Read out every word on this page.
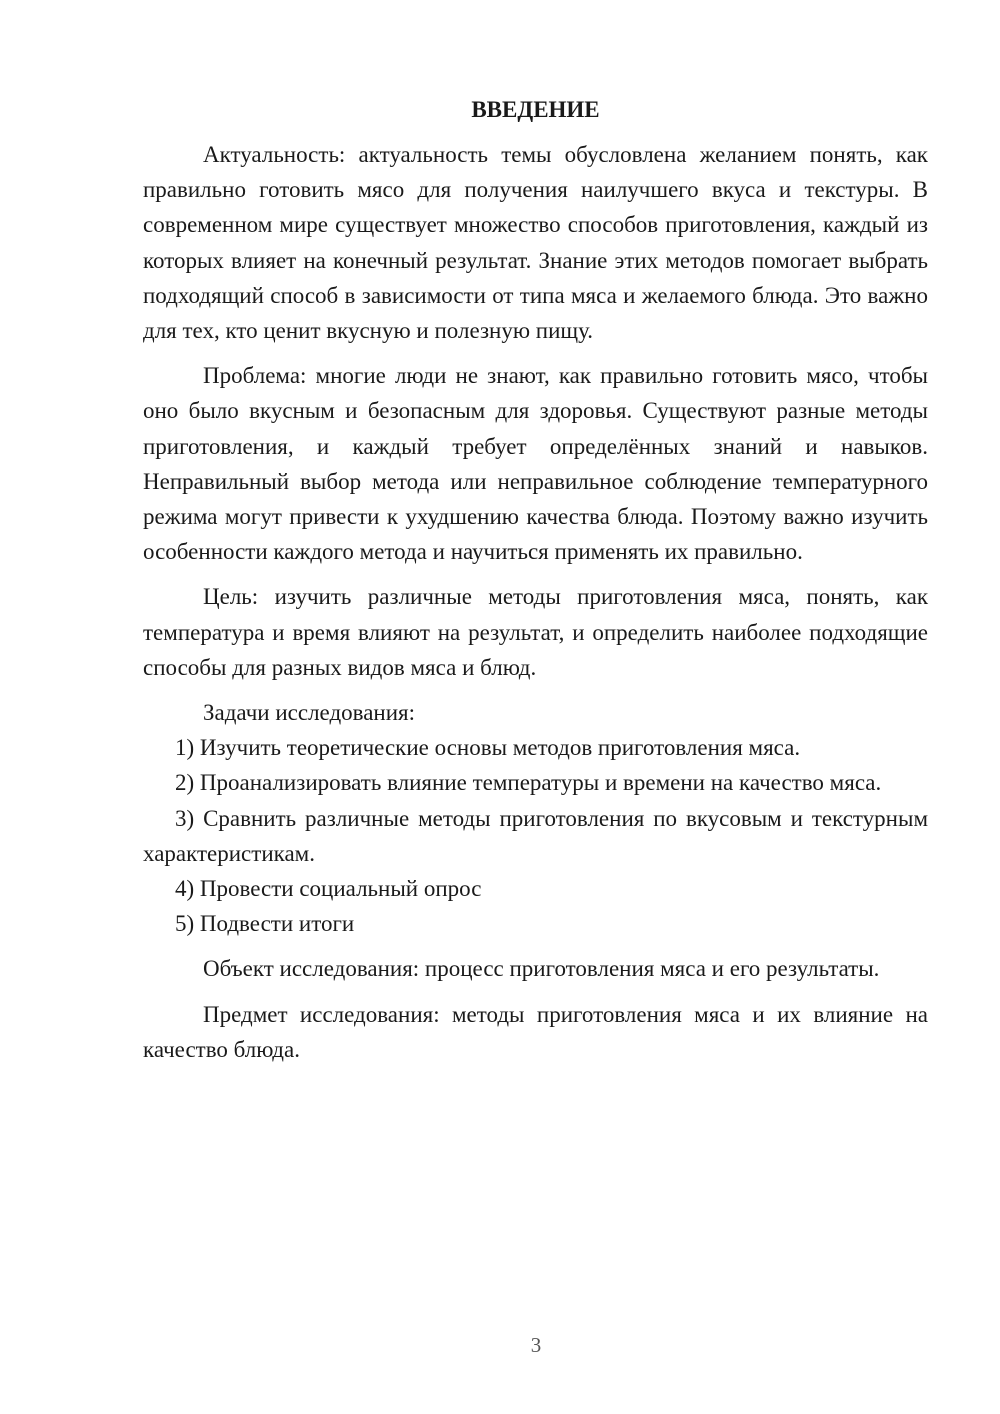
ВВЕДЕНИЕ

Актуальность: актуальность темы обусловлена желанием понять, как правильно готовить мясо для получения наилучшего вкуса и текстуры. В современном мире существует множество способов приготовления, каждый из которых влияет на конечный результат. Знание этих методов помогает выбрать подходящий способ в зависимости от типа мяса и желаемого блюда. Это важно для тех, кто ценит вкусную и полезную пищу.

Проблема: многие люди не знают, как правильно готовить мясо, чтобы оно было вкусным и безопасным для здоровья. Существуют разные методы приготовления, и каждый требует определённых знаний и навыков. Неправильный выбор метода или неправильное соблюдение температурного режима могут привести к ухудшению качества блюда. Поэтому важно изучить особенности каждого метода и научиться применять их правильно.

Цель: изучить различные методы приготовления мяса, понять, как температура и время влияют на результат, и определить наиболее подходящие способы для разных видов мяса и блюд.

Задачи исследования:

1) Изучить теоретические основы методов приготовления мяса.

2) Проанализировать влияние температуры и времени на качество мяса.

3) Сравнить различные методы приготовления по вкусовым и текстурным характеристикам.

4) Провести социальный опрос

5) Подвести итоги

Объект исследования: процесс приготовления мяса и его результаты.

Предмет исследования: методы приготовления мяса и их влияние на качество блюда.

3
